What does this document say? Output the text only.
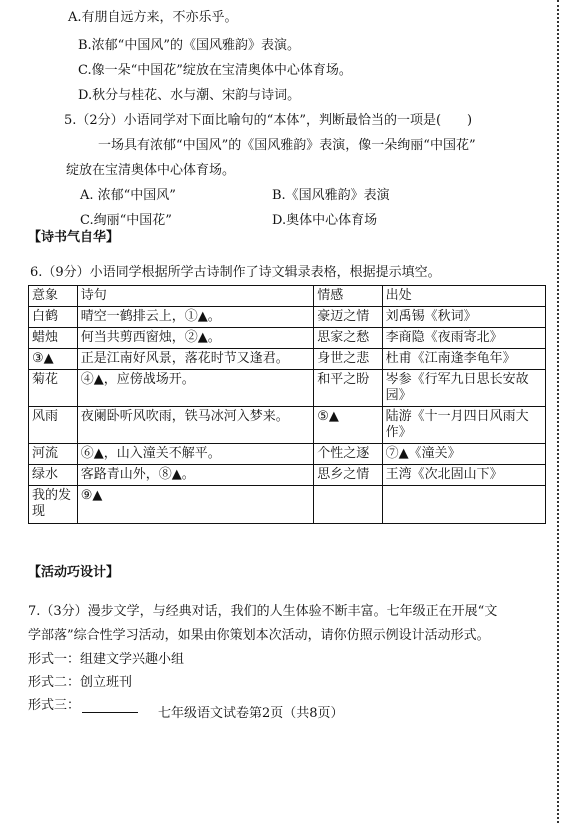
A.有朋自远方来，不亦乐乎。
B.浓郁“中国风”的《国风雅韵》表演。
C.像一朵“中国花”绽放在宝清奥体中心体育场。
D.秋分与桂花、水与潮、宋韵与诗词。
5.（2分）小语同学对下面比喻句的“本体”，判断最恰当的一项是(　　)
一场具有浓郁“中国风”的《国风雅韵》表演，像一朵绚丽“中国花”
绽放在宝清奥体中心体育场。
A. 浓郁“中国风”	B.《国风雅韵》表演
C.绚丽“中国花”	D.奥体中心体育场
【诗书气自华】
6.（9分）小语同学根据所学古诗制作了诗文辑录表格，根据提示填空。
意象	诗句	情感	出处
白鹤	晴空一鹤排云上，①▲。	豪迈之情	刘禹锡《秋词》
蜡烛	何当共剪西窗烛，②▲。	思家之愁	李商隐《夜雨寄北》
③▲	正是江南好风景，落花时节又逢君。	身世之悲	杜甫《江南逢李龟年》
菊花	④▲，应傍战场开。	和平之盼	岑参《行军九日思长安故园》
风雨	夜阑卧听风吹雨，铁马冰河入梦来。	⑤▲	陆游《十一月四日风雨大作》
河流	⑥▲，山入潼关不解平。	个性之逐	⑦▲《潼关》
绿水	客路青山外，⑧▲。	思乡之情	王湾《次北固山下》
我的发现	⑨▲		
【活动巧设计】
7.（3分）漫步文学，与经典对话，我们的人生体验不断丰富。七年级正在开展“文
学部落”综合性学习活动，如果由你策划本次活动，请你仿照示例设计活动形式。
形式一：组建文学兴趣小组
形式二：创立班刊
形式三：
七年级语文试卷第2页（共8页）
